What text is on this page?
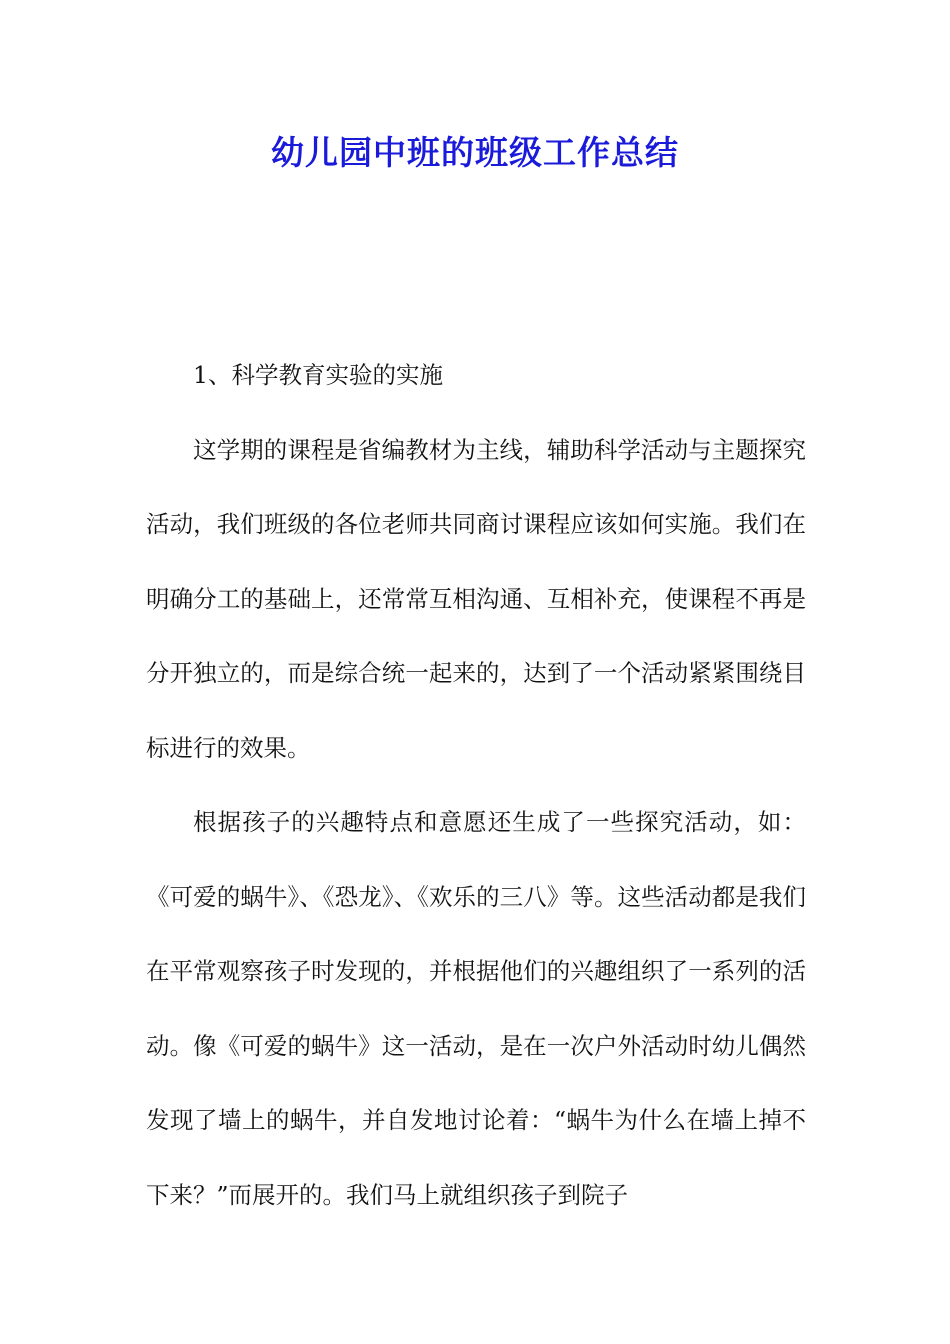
幼儿园中班的班级工作总结

1、科学教育实验的实施

这学期的课程是省编教材为主线，辅助科学活动与主题探究活动，我们班级的各位老师共同商讨课程应该如何实施。我们在明确分工的基础上，还常常互相沟通、互相补充，使课程不再是分开独立的，而是综合统一起来的，达到了一个活动紧紧围绕目标进行的效果。

根据孩子的兴趣特点和意愿还生成了一些探究活动，如：《可爱的蜗牛》、《恐龙》、《欢乐的三八》等。这些活动都是我们在平常观察孩子时发现的，并根据他们的兴趣组织了一系列的活动。像《可爱的蜗牛》这一活动，是在一次户外活动时幼儿偶然发现了墙上的蜗牛，并自发地讨论着：“蜗牛为什么在墙上掉不下来？”而展开的。我们马上就组织孩子到院子
